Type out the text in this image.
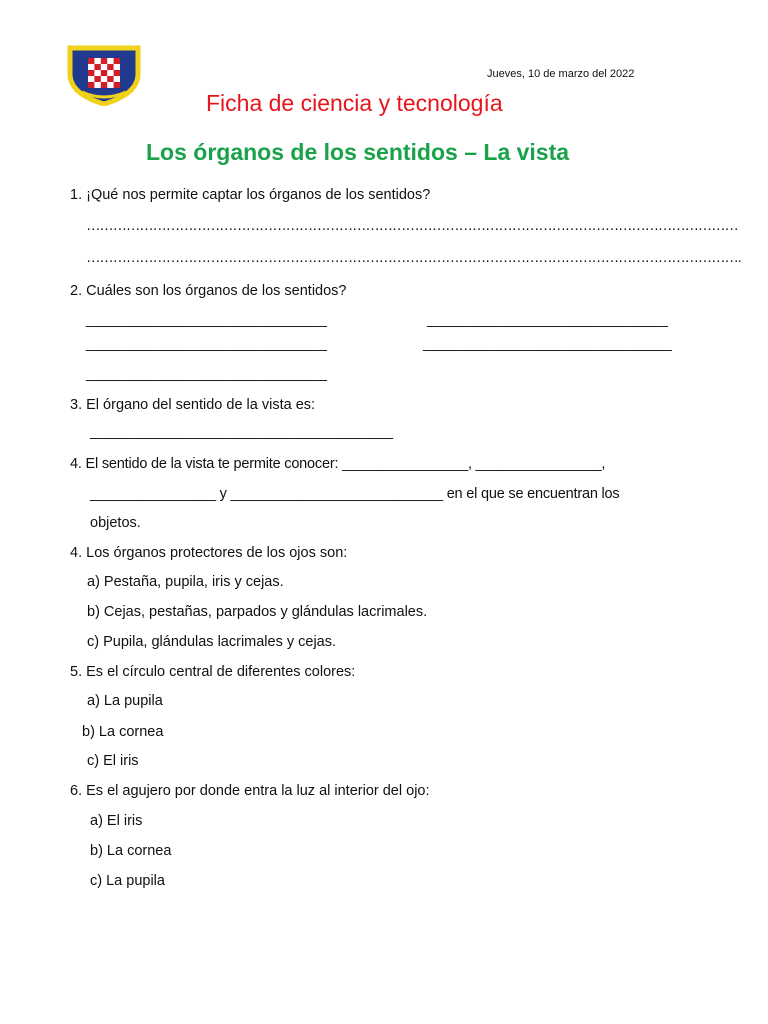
Jueves, 10 de marzo del 2022
Ficha de ciencia y tecnología
Los órganos de los sentidos – La vista
1. ¡Qué nos permite captar los órganos de los sentidos?
…………………………………………………………………………………………………………………………………
………………………………………………………………………………………………………………………………….
2. Cuáles son los órganos de los sentidos?
_______________________________	_______________________________
_______________________________	________________________________
_______________________________
3. El órgano del sentido de la vista es:
_______________________________________
4. El sentido de la vista te permite conocer: ________________, ________________,
________________ y ___________________________ en el que se encuentran los
objetos.
4. Los órganos protectores de los ojos son:
a) Pestaña, pupila, iris y cejas.
b) Cejas, pestañas, parpados y glándulas lacrimales.
c) Pupila, glándulas lacrimales y cejas.
5. Es el círculo central de diferentes colores:
a) La pupila
b) La cornea
c) El iris
6. Es el agujero por donde entra la luz al interior del ojo:
a) El iris
b) La cornea
c) La pupila
